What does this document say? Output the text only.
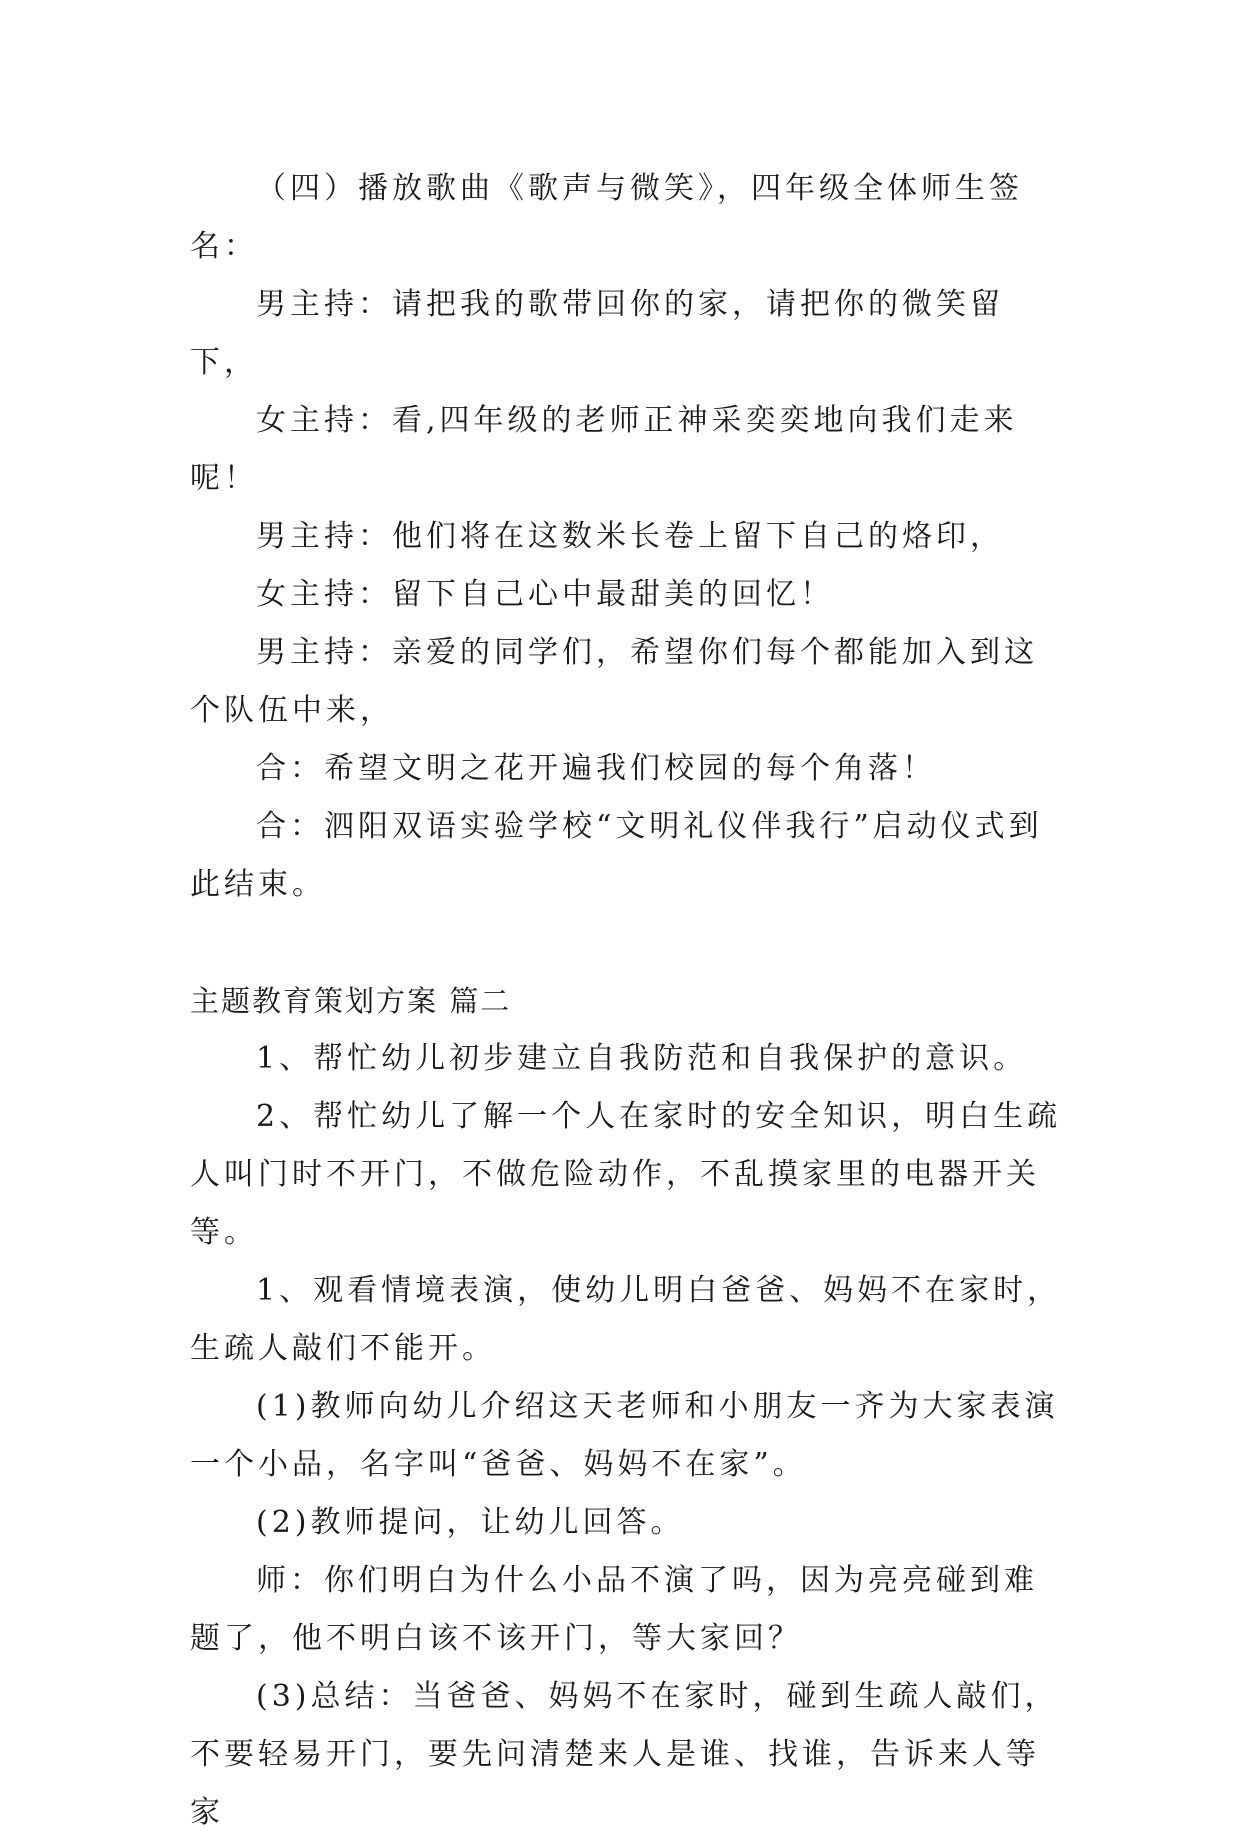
（四）播放歌曲《歌声与微笑》，四年级全体师生签名：

男主持：请把我的歌带回你的家，请把你的微笑留下，

女主持：看,四年级的老师正神采奕奕地向我们走来呢！

男主持：他们将在这数米长卷上留下自己的烙印，

女主持：留下自己心中最甜美的回忆！

男主持：亲爱的同学们，希望你们每个都能加入到这个队伍中来，

合：希望文明之花开遍我们校园的每个角落！

合：泗阳双语实验学校“文明礼仪伴我行”启动仪式到此结束。

主题教育策划方案 篇二

1、帮忙幼儿初步建立自我防范和自我保护的意识。

2、帮忙幼儿了解一个人在家时的安全知识，明白生疏人叫门时不开门，不做危险动作，不乱摸家里的电器开关等。

1、观看情境表演，使幼儿明白爸爸、妈妈不在家时，生疏人敲们不能开。

(1)教师向幼儿介绍这天老师和小朋友一齐为大家表演一个小品，名字叫“爸爸、妈妈不在家”。

(2)教师提问，让幼儿回答。

师：你们明白为什么小品不演了吗，因为亮亮碰到难题了，他不明白该不该开门，等大家回？

(3)总结：当爸爸、妈妈不在家时，碰到生疏人敲们，不要轻易开门，要先问清楚来人是谁、找谁，告诉来人等家
